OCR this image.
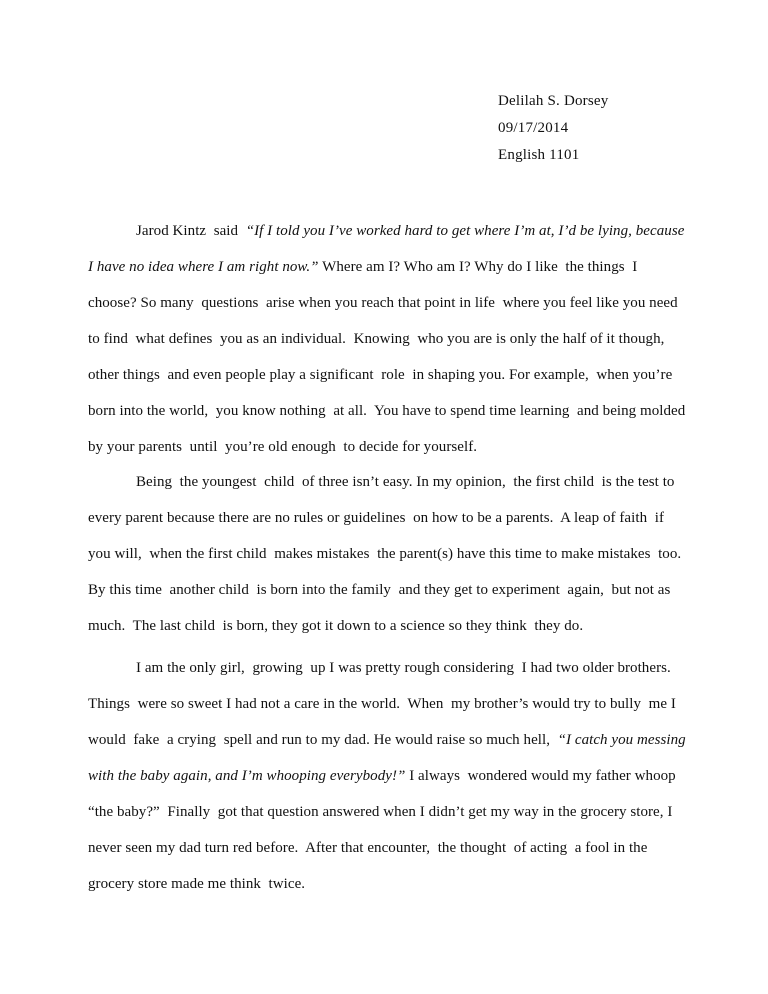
Delilah S. Dorsey
09/17/2014
English 1101
Jarod Kintz  said  “If I told you I’ve worked hard to get where I’m at, I’d be lying, because
I have no idea where I am right now.” Where am I? Who am I? Why do I like  the things  I
choose? So many  questions  arise when you reach that point in life  where you feel like you need
to find  what defines  you as an individual.  Knowing  who you are is only the half of it though,
other things  and even people play a significant  role  in shaping you. For example,  when you’re
born into the world,  you know nothing  at all.  You have to spend time learning  and being molded
by your parents  until  you’re old enough  to decide for yourself.
Being  the youngest  child  of three isn’t easy. In my opinion,  the first child  is the test to
every parent because there are no rules or guidelines  on how to be a parents.  A leap of faith  if
you will,  when the first child  makes mistakes  the parent(s) have this time to make mistakes  too.
By this time  another child  is born into the family  and they get to experiment  again,  but not as
much.  The last child  is born, they got it down to a science so they think  they do.
I am the only girl,  growing  up I was pretty rough considering  I had two older brothers.
Things  were so sweet I had not a care in the world.  When  my brother’s would try to bully  me I
would  fake  a crying  spell and run to my dad. He would raise so much hell,  “I catch you messing
with the baby again, and I’m whooping everybody!” I always  wondered would my father whoop
“the baby?”  Finally  got that question answered when I didn’t get my way in the grocery store, I
never seen my dad turn red before.  After that encounter,  the thought  of acting  a fool in the
grocery store made me think  twice.
